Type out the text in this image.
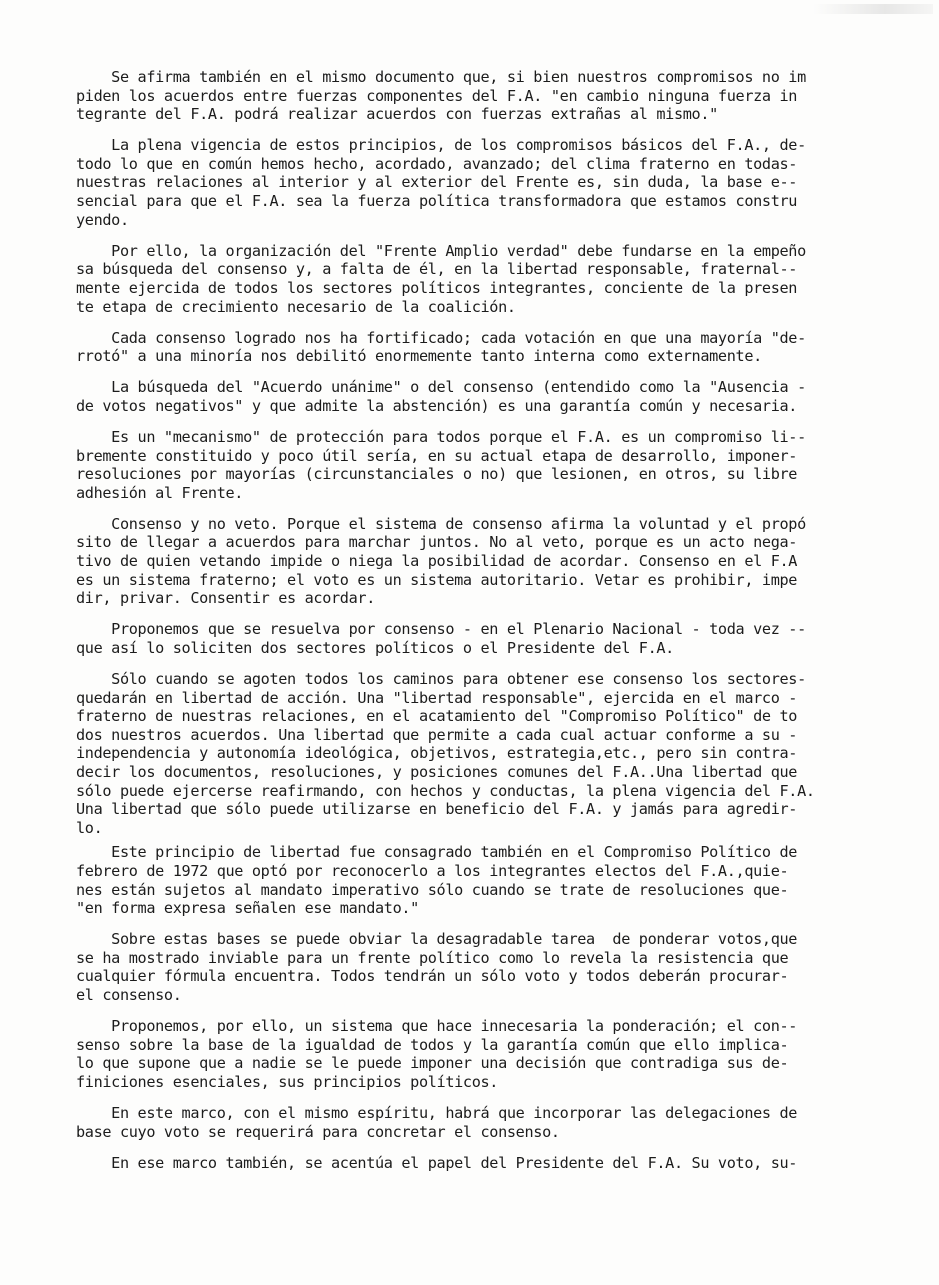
Se afirma también en el mismo documento que, si bien nuestros compromisos no im
piden los acuerdos entre fuerzas componentes del F.A. "en cambio ninguna fuerza in
tegrante del F.A. podrá realizar acuerdos con fuerzas extrañas al mismo."

La plena vigencia de estos principios, de los compromisos básicos del F.A., de-
todo lo que en común hemos hecho, acordado, avanzado; del clima fraterno en todas-
nuestras relaciones al interior y al exterior del Frente es, sin duda, la base e--
sencial para que el F.A. sea la fuerza política transformadora que estamos constru
yendo.

Por ello, la organización del "Frente Amplio verdad" debe fundarse en la empeño
sa búsqueda del consenso y, a falta de él, en la libertad responsable, fraternal--
mente ejercida de todos los sectores políticos integrantes, conciente de la presen
te etapa de crecimiento necesario de la coalición.

Cada consenso logrado nos ha fortificado; cada votación en que una mayoría "de-
rrotó" a una minoría nos debilitó enormemente tanto interna como externamente.

La búsqueda del "Acuerdo unánime" o del consenso (entendido como la "Ausencia -
de votos negativos" y que admite la abstención) es una garantía común y necesaria.

Es un "mecanismo" de protección para todos porque el F.A. es un compromiso li--
bremente constituido y poco útil sería, en su actual etapa de desarrollo, imponer-
resoluciones por mayorías (circunstanciales o no) que lesionen, en otros, su libre
adhesión al Frente.

Consenso y no veto. Porque el sistema de consenso afirma la voluntad y el propó
sito de llegar a acuerdos para marchar juntos. No al veto, porque es un acto nega-
tivo de quien vetando impide o niega la posibilidad de acordar. Consenso en el F.A
es un sistema fraterno; el voto es un sistema autoritario. Vetar es prohibir, impe
dir, privar. Consentir es acordar.

Proponemos que se resuelva por consenso - en el Plenario Nacional - toda vez --
que así lo soliciten dos sectores políticos o el Presidente del F.A.

Sólo cuando se agoten todos los caminos para obtener ese consenso los sectores-
quedarán en libertad de acción. Una "libertad responsable", ejercida en el marco -
fraterno de nuestras relaciones, en el acatamiento del "Compromiso Político" de to
dos nuestros acuerdos. Una libertad que permite a cada cual actuar conforme a su -
independencia y autonomía ideológica, objetivos, estrategia,etc., pero sin contra-
decir los documentos, resoluciones, y posiciones comunes del F.A..Una libertad que
sólo puede ejercerse reafirmando, con hechos y conductas, la plena vigencia del F.A.
Una libertad que sólo puede utilizarse en beneficio del F.A. y jamás para agredir-
lo.

Este principio de libertad fue consagrado también en el Compromiso Político de
febrero de 1972 que optó por reconocerlo a los integrantes electos del F.A.,quie-
nes están sujetos al mandato imperativo sólo cuando se trate de resoluciones que-
"en forma expresa señalen ese mandato."

Sobre estas bases se puede obviar la desagradable tarea  de ponderar votos,que
se ha mostrado inviable para un frente político como lo revela la resistencia que
cualquier fórmula encuentra. Todos tendrán un sólo voto y todos deberán procurar-
el consenso.

Proponemos, por ello, un sistema que hace innecesaria la ponderación; el con--
senso sobre la base de la igualdad de todos y la garantía común que ello implica-
lo que supone que a nadie se le puede imponer una decisión que contradiga sus de-
finiciones esenciales, sus principios políticos.

En este marco, con el mismo espíritu, habrá que incorporar las delegaciones de
base cuyo voto se requerirá para concretar el consenso.

En ese marco también, se acentúa el papel del Presidente del F.A. Su voto, su-
